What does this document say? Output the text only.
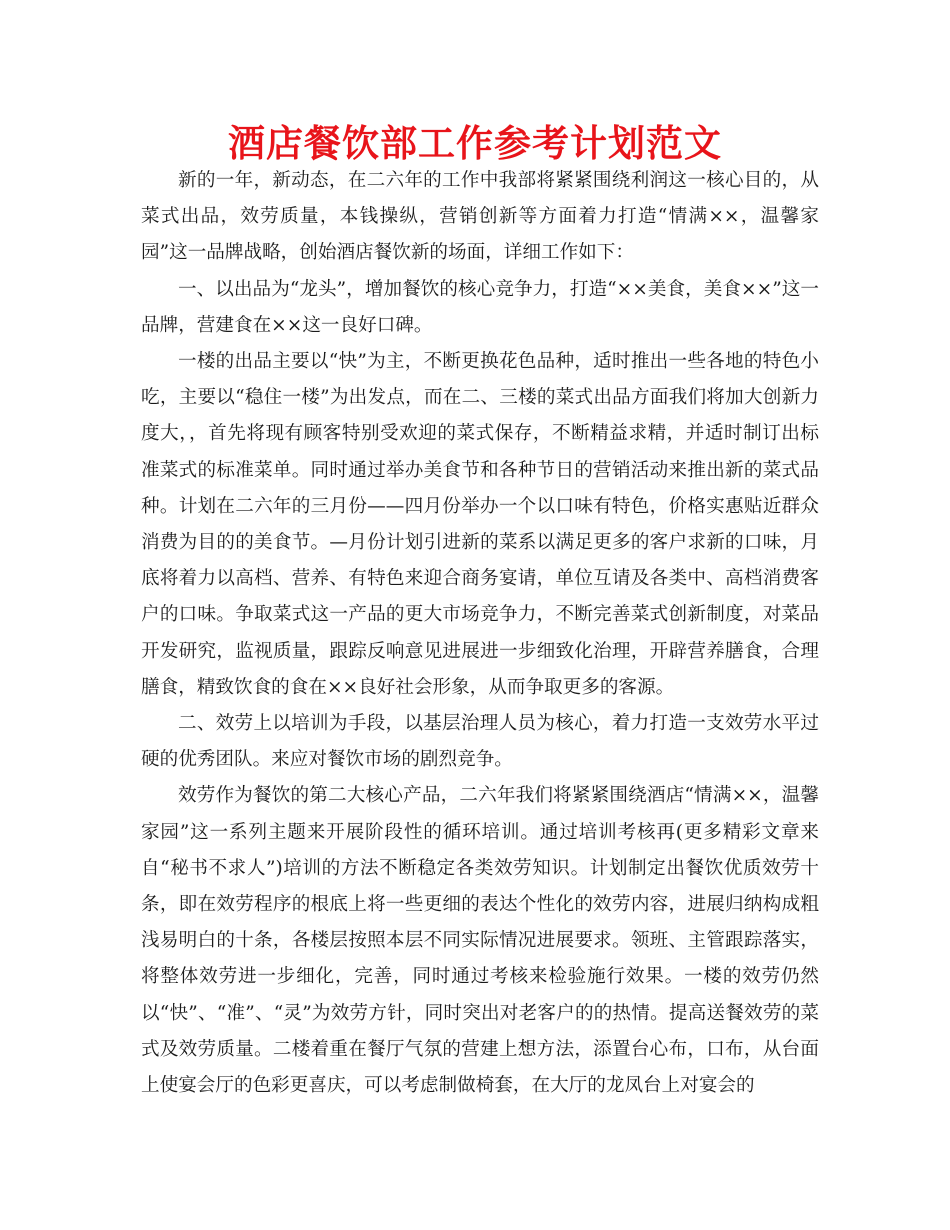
酒店餐饮部工作参考计划范文

新的一年，新动态，在二六年的工作中我部将紧紧围绕利润这一核心目的，从菜式出品，效劳质量，本钱操纵，营销创新等方面着力打造“情满××，温馨家园”这一品牌战略，创始酒店餐饮新的场面，详细工作如下：

一、以出品为“龙头”，增加餐饮的核心竞争力，打造“××美食，美食××”这一品牌，营建食在××这一良好口碑。

一楼的出品主要以“快”为主，不断更换花色品种，适时推出一些各地的特色小吃，主要以“稳住一楼”为出发点，而在二、三楼的菜式出品方面我们将加大创新力度大，，首先将现有顾客特别受欢迎的菜式保存，不断精益求精，并适时制订出标准菜式的标准菜单。同时通过举办美食节和各种节日的营销活动来推出新的菜式品种。计划在二六年的三月份——四月份举办一个以口味有特色，价格实惠贴近群众消费为目的的美食节。—月份计划引进新的菜系以满足更多的客户求新的口味，月底将着力以高档、营养、有特色来迎合商务宴请，单位互请及各类中、高档消费客户的口味。争取菜式这一产品的更大市场竞争力，不断完善菜式创新制度，对菜品开发研究，监视质量，跟踪反响意见进展进一步细致化治理，开辟营养膳食，合理膳食，精致饮食的食在××良好社会形象，从而争取更多的客源。

二、效劳上以培训为手段，以基层治理人员为核心，着力打造一支效劳水平过硬的优秀团队。来应对餐饮市场的剧烈竞争。

效劳作为餐饮的第二大核心产品，二六年我们将紧紧围绕酒店“情满××，温馨家园”这一系列主题来开展阶段性的循环培训。通过培训考核再(更多精彩文章来自“秘书不求人”)培训的方法不断稳定各类效劳知识。计划制定出餐饮优质效劳十条，即在效劳程序的根底上将一些更细的表达个性化的效劳内容，进展归纳构成粗浅易明白的十条，各楼层按照本层不同实际情况进展要求。领班、主管跟踪落实，将整体效劳进一步细化，完善，同时通过考核来检验施行效果。一楼的效劳仍然以“快”、“准”、“灵”为效劳方针，同时突出对老客户的的热情。提高送餐效劳的菜式及效劳质量。二楼着重在餐厅气氛的营建上想方法，添置台心布，口布，从台面上使宴会厅的色彩更喜庆，可以考虑制做椅套，在大厅的龙凤台上对宴会的
